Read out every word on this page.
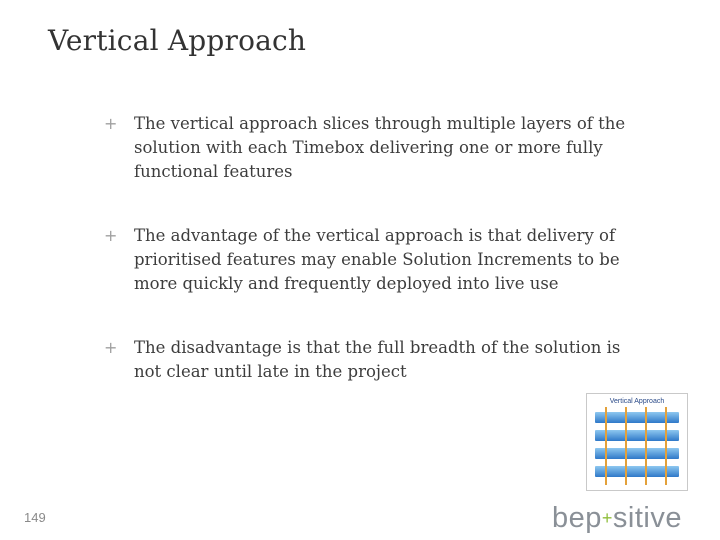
Vertical Approach
+	The vertical approach slices through multiple layers of the solution with each Timebox delivering one or more fully functional features
+	The advantage of the vertical approach is that delivery of prioritised features may enable Solution Increments to be more quickly and frequently deployed into live use
+	The disadvantage is that the full breadth of the solution is not clear until late in the project
Vertical Approach
149	bep+sitive
